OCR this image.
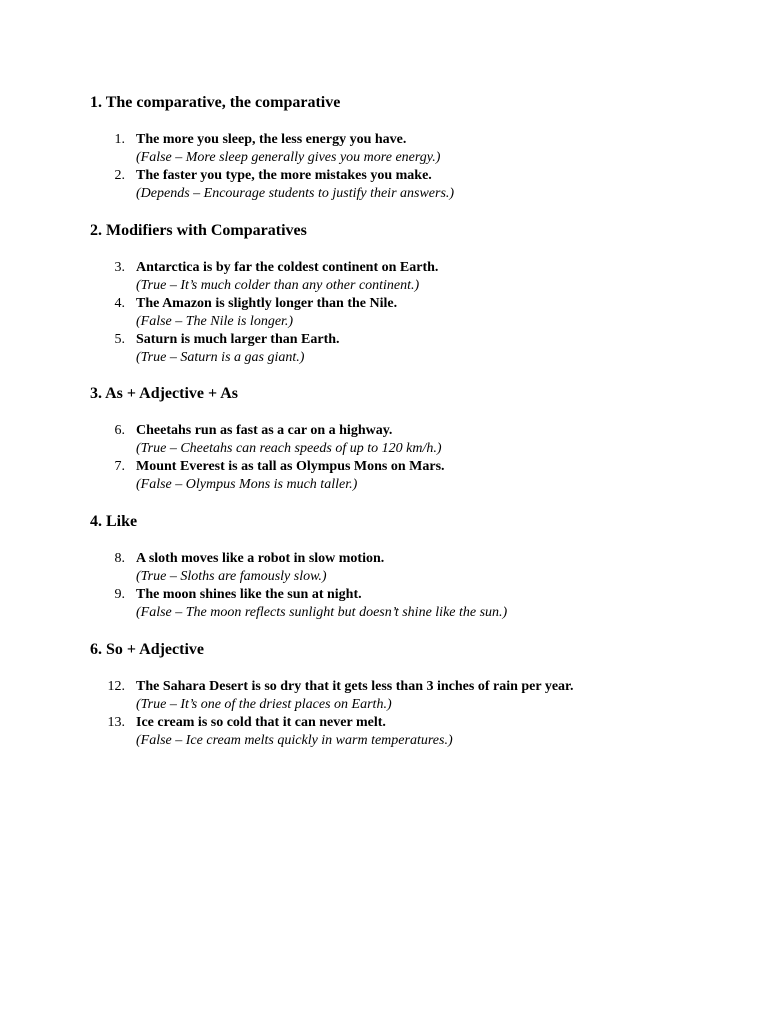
1. The comparative, the comparative
1. The more you sleep, the less energy you have.
(False – More sleep generally gives you more energy.)
2. The faster you type, the more mistakes you make.
(Depends – Encourage students to justify their answers.)
2. Modifiers with Comparatives
3. Antarctica is by far the coldest continent on Earth.
(True – It’s much colder than any other continent.)
4. The Amazon is slightly longer than the Nile.
(False – The Nile is longer.)
5. Saturn is much larger than Earth.
(True – Saturn is a gas giant.)
3. As + Adjective + As
6. Cheetahs run as fast as a car on a highway.
(True – Cheetahs can reach speeds of up to 120 km/h.)
7. Mount Everest is as tall as Olympus Mons on Mars.
(False – Olympus Mons is much taller.)
4. Like
8. A sloth moves like a robot in slow motion.
(True – Sloths are famously slow.)
9. The moon shines like the sun at night.
(False – The moon reflects sunlight but doesn’t shine like the sun.)
6. So + Adjective
12. The Sahara Desert is so dry that it gets less than 3 inches of rain per year.
(True – It’s one of the driest places on Earth.)
13. Ice cream is so cold that it can never melt.
(False – Ice cream melts quickly in warm temperatures.)
